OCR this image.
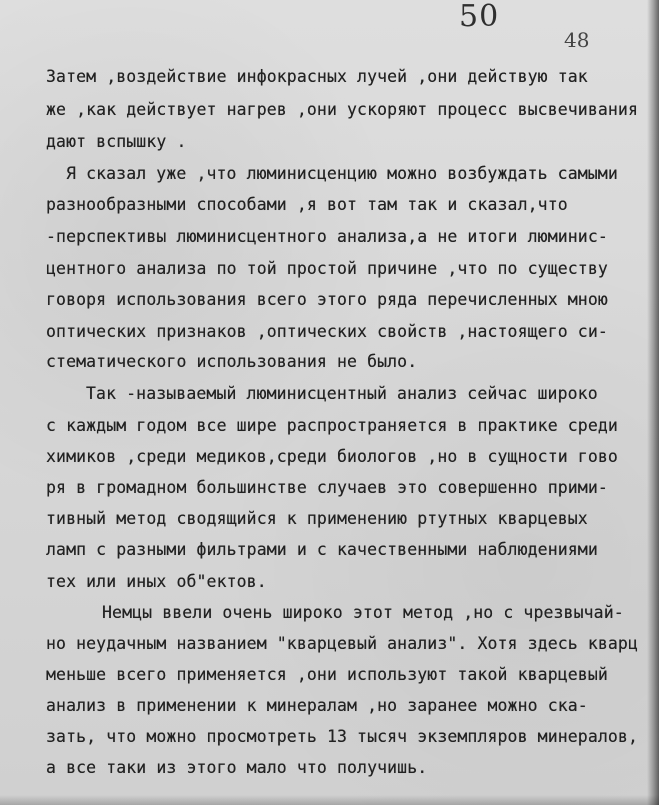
50
48

Затем ,воздействие инфокрасных лучей ,они действую так

же ,как действует нагрев ,они ускоряют процесс высвечивания

дают вспышку .

Я сказал уже ,что люминисценцию можно возбуждать самыми

разнообразными способами ,я вот там так и сказал,что

-перспективы люминисцентного анализа,а не итоги люминис-

центного анализа по той простой причине ,что по существу

говоря использования всего этого ряда перечисленных мною

оптических признаков ,оптических свойств ,настоящего си-

стематического использования не было.

Так -называемый люминисцентный анализ сейчас широко

с каждым годом все шире распространяется в практике среди

химиков ,среди медиков,среди биологов ,но в сущности гово

ря в громадном большинстве случаев это совершенно прими-

тивный метод сводящийся к применению ртутных кварцевых

ламп с разными фильтрами и с качественными наблюдениями

тех или иных об"ектов.

Немцы ввели очень широко этот метод ,но с чрезвычай-

но неудачным названием "кварцевый анализ". Хотя здесь кварц

меньше всего применяется ,они используют такой кварцевый

анализ в применении к минералам ,но заранее можно ска-

зать, что можно просмотреть 13 тысяч экземпляров минералов,

а все таки из этого мало что получишь.
